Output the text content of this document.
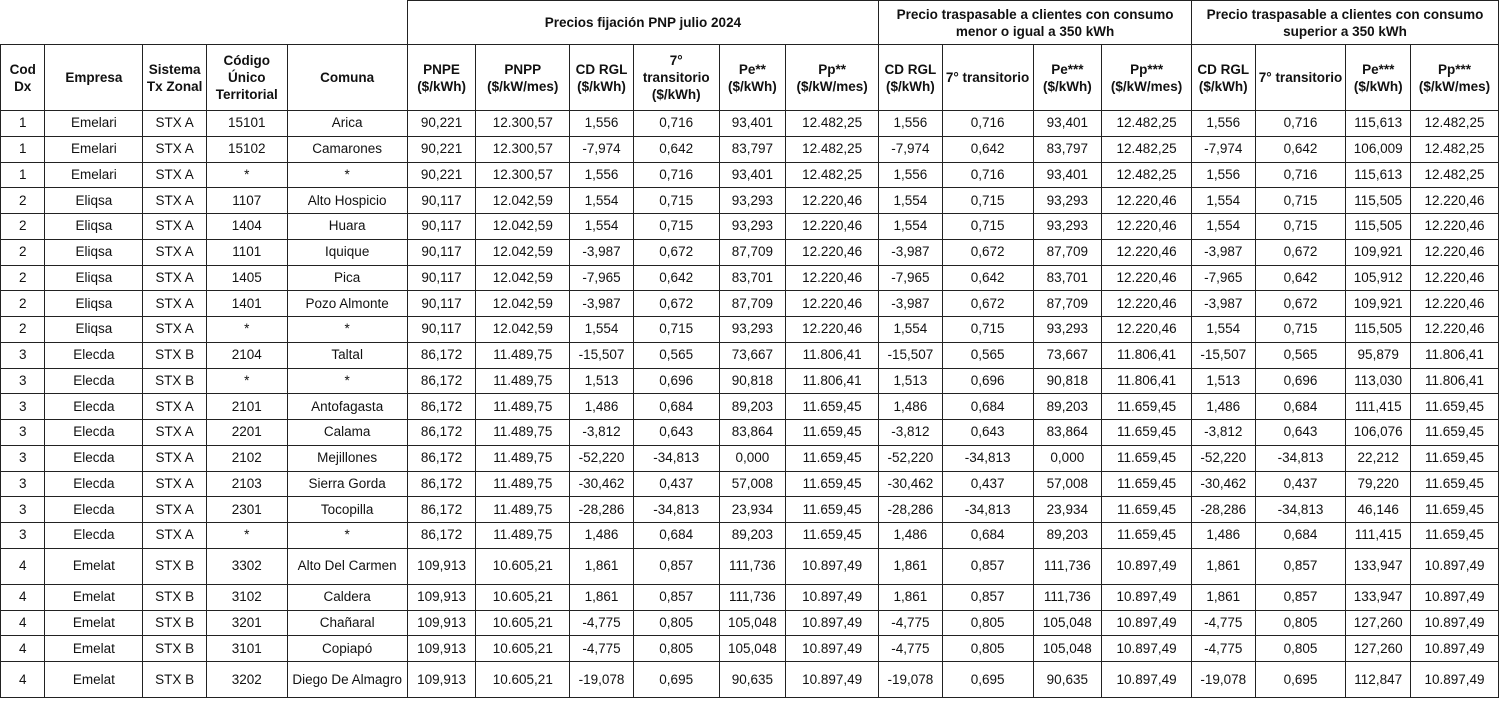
					Precios fijación PNP julio 2024						Precio traspasable a clientes con consumo menor o igual a 350 kWh				Precio traspasable a clientes con consumo superior a 350 kWh			
Cod Dx	Empresa	Sistema Tx Zonal	Código Único Territorial	Comuna	PNPE ($/kWh)	PNPP ($/kW/mes)	CD RGL ($/kWh)	7° transitorio ($/kWh)	Pe** ($/kWh)	Pp** ($/kW/mes)	CD RGL ($/kWh)	7° transitorio	Pe*** ($/kWh)	Pp*** ($/kW/mes)	CD RGL ($/kWh)	7° transitorio	Pe*** ($/kWh)	Pp*** ($/kW/mes)
1	Emelari	STX A	15101	Arica	90,221	12.300,57	1,556	0,716	93,401	12.482,25	1,556	0,716	93,401	12.482,25	1,556	0,716	115,613	12.482,25
1	Emelari	STX A	15102	Camarones	90,221	12.300,57	-7,974	0,642	83,797	12.482,25	-7,974	0,642	83,797	12.482,25	-7,974	0,642	106,009	12.482,25
1	Emelari	STX A	*	*	90,221	12.300,57	1,556	0,716	93,401	12.482,25	1,556	0,716	93,401	12.482,25	1,556	0,716	115,613	12.482,25
2	Eliqsa	STX A	1107	Alto Hospicio	90,117	12.042,59	1,554	0,715	93,293	12.220,46	1,554	0,715	93,293	12.220,46	1,554	0,715	115,505	12.220,46
2	Eliqsa	STX A	1404	Huara	90,117	12.042,59	1,554	0,715	93,293	12.220,46	1,554	0,715	93,293	12.220,46	1,554	0,715	115,505	12.220,46
2	Eliqsa	STX A	1101	Iquique	90,117	12.042,59	-3,987	0,672	87,709	12.220,46	-3,987	0,672	87,709	12.220,46	-3,987	0,672	109,921	12.220,46
2	Eliqsa	STX A	1405	Pica	90,117	12.042,59	-7,965	0,642	83,701	12.220,46	-7,965	0,642	83,701	12.220,46	-7,965	0,642	105,912	12.220,46
2	Eliqsa	STX A	1401	Pozo Almonte	90,117	12.042,59	-3,987	0,672	87,709	12.220,46	-3,987	0,672	87,709	12.220,46	-3,987	0,672	109,921	12.220,46
2	Eliqsa	STX A	*	*	90,117	12.042,59	1,554	0,715	93,293	12.220,46	1,554	0,715	93,293	12.220,46	1,554	0,715	115,505	12.220,46
3	Elecda	STX B	2104	Taltal	86,172	11.489,75	-15,507	0,565	73,667	11.806,41	-15,507	0,565	73,667	11.806,41	-15,507	0,565	95,879	11.806,41
3	Elecda	STX B	*	*	86,172	11.489,75	1,513	0,696	90,818	11.806,41	1,513	0,696	90,818	11.806,41	1,513	0,696	113,030	11.806,41
3	Elecda	STX A	2101	Antofagasta	86,172	11.489,75	1,486	0,684	89,203	11.659,45	1,486	0,684	89,203	11.659,45	1,486	0,684	111,415	11.659,45
3	Elecda	STX A	2201	Calama	86,172	11.489,75	-3,812	0,643	83,864	11.659,45	-3,812	0,643	83,864	11.659,45	-3,812	0,643	106,076	11.659,45
3	Elecda	STX A	2102	Mejillones	86,172	11.489,75	-52,220	-34,813	0,000	11.659,45	-52,220	-34,813	0,000	11.659,45	-52,220	-34,813	22,212	11.659,45
3	Elecda	STX A	2103	Sierra Gorda	86,172	11.489,75	-30,462	0,437	57,008	11.659,45	-30,462	0,437	57,008	11.659,45	-30,462	0,437	79,220	11.659,45
3	Elecda	STX A	2301	Tocopilla	86,172	11.489,75	-28,286	-34,813	23,934	11.659,45	-28,286	-34,813	23,934	11.659,45	-28,286	-34,813	46,146	11.659,45
3	Elecda	STX A	*	*	86,172	11.489,75	1,486	0,684	89,203	11.659,45	1,486	0,684	89,203	11.659,45	1,486	0,684	111,415	11.659,45
4	Emelat	STX B	3302	Alto Del Carmen	109,913	10.605,21	1,861	0,857	111,736	10.897,49	1,861	0,857	111,736	10.897,49	1,861	0,857	133,947	10.897,49
4	Emelat	STX B	3102	Caldera	109,913	10.605,21	1,861	0,857	111,736	10.897,49	1,861	0,857	111,736	10.897,49	1,861	0,857	133,947	10.897,49
4	Emelat	STX B	3201	Chañaral	109,913	10.605,21	-4,775	0,805	105,048	10.897,49	-4,775	0,805	105,048	10.897,49	-4,775	0,805	127,260	10.897,49
4	Emelat	STX B	3101	Copiapó	109,913	10.605,21	-4,775	0,805	105,048	10.897,49	-4,775	0,805	105,048	10.897,49	-4,775	0,805	127,260	10.897,49
4	Emelat	STX B	3202	Diego De Almagro	109,913	10.605,21	-19,078	0,695	90,635	10.897,49	-19,078	0,695	90,635	10.897,49	-19,078	0,695	112,847	10.897,49
